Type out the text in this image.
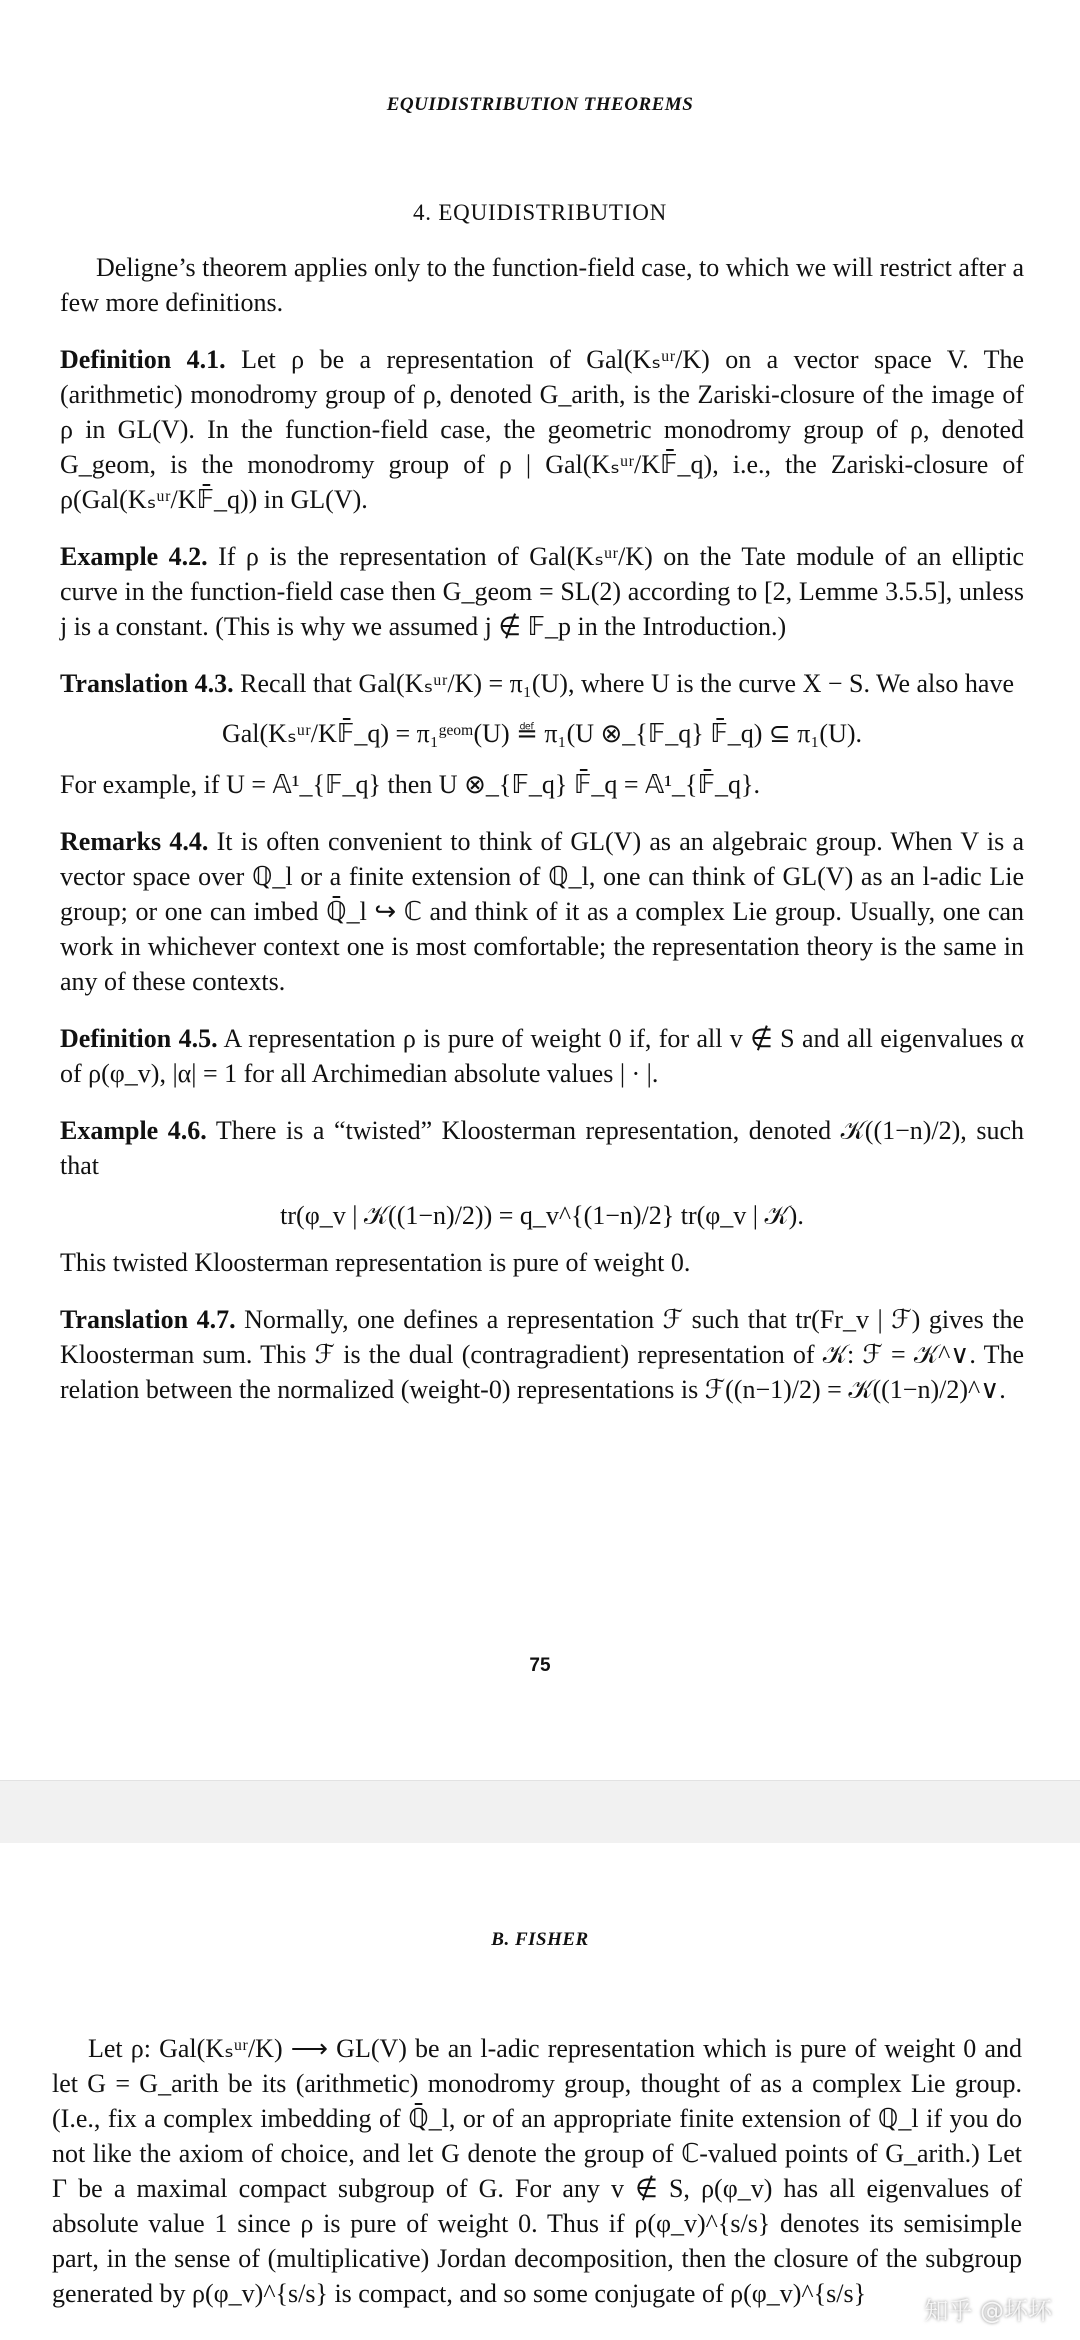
EQUIDISTRIBUTION THEOREMS
4. EQUIDISTRIBUTION

Deligne’s theorem applies only to the function-field case, to which we will restrict after a few more definitions.

Definition 4.1. Let ρ be a representation of Gal(Kₛᵘʳ/K) on a vector space V. The (arithmetic) monodromy group of ρ, denoted G_arith, is the Zariski-closure of the image of ρ in GL(V). In the function-field case, the geometric monodromy group of ρ, denoted G_geom, is the monodromy group of ρ | Gal(Kₛᵘʳ/K𝔽̄_q), i.e., the Zariski-closure of ρ(Gal(Kₛᵘʳ/K𝔽̄_q)) in GL(V).

Example 4.2. If ρ is the representation of Gal(Kₛᵘʳ/K) on the Tate module of an elliptic curve in the function-field case then G_geom = SL(2) according to [2, Lemme 3.5.5], unless j is a constant. (This is why we assumed j ∉ 𝔽_p in the Introduction.)

Translation 4.3. Recall that Gal(Kₛᵘʳ/K) = π₁(U), where U is the curve X − S. We also have

Gal(Kₛᵘʳ/K𝔽̄_q) = π₁ᵍᵉᵒᵐ(U) ≝ π₁(U ⊗_{𝔽_q} 𝔽̄_q) ⊆ π₁(U).

For example, if U = 𝔸¹_{𝔽_q} then U ⊗_{𝔽_q} 𝔽̄_q = 𝔸¹_{𝔽̄_q}.

Remarks 4.4. It is often convenient to think of GL(V) as an algebraic group. When V is a vector space over ℚ_l or a finite extension of ℚ_l, one can think of GL(V) as an l-adic Lie group; or one can imbed ℚ̄_l ↪ ℂ and think of it as a complex Lie group. Usually, one can work in whichever context one is most comfortable; the representation theory is the same in any of these contexts.

Definition 4.5. A representation ρ is pure of weight 0 if, for all v ∉ S and all eigenvalues α of ρ(φ_v), |α| = 1 for all Archimedian absolute values | · |.

Example 4.6. There is a “twisted” Kloosterman representation, denoted 𝒦((1−n)/2), such that

tr(φ_v | 𝒦((1−n)/2)) = q_v^{(1−n)/2} tr(φ_v | 𝒦).

This twisted Kloosterman representation is pure of weight 0.

Translation 4.7. Normally, one defines a representation ℱ such that tr(Fr_v | ℱ) gives the Kloosterman sum. This ℱ is the dual (contragradient) representation of 𝒦: ℱ = 𝒦^∨. The relation between the normalized (weight-0) representations is ℱ((n−1)/2) = 𝒦((1−n)/2)^∨.

75
B. FISHER

Let ρ: Gal(Kₛᵘʳ/K) ⟶ GL(V) be an l-adic representation which is pure of weight 0 and let G = G_arith be its (arithmetic) monodromy group, thought of as a complex Lie group. (I.e., fix a complex imbedding of ℚ̄_l, or of an appropriate finite extension of ℚ_l if you do not like the axiom of choice, and let G denote the group of ℂ-valued points of G_arith.) Let Γ be a maximal compact subgroup of G. For any v ∉ S, ρ(φ_v) has all eigenvalues of absolute value 1 since ρ is pure of weight 0. Thus if ρ(φ_v)^{s/s} denotes its semisimple part, in the sense of (multiplicative) Jordan decomposition, then the closure of the subgroup generated by ρ(φ_v)^{s/s} is compact, and so some conjugate of ρ(φ_v)^{s/s}

知乎 @坏坏
